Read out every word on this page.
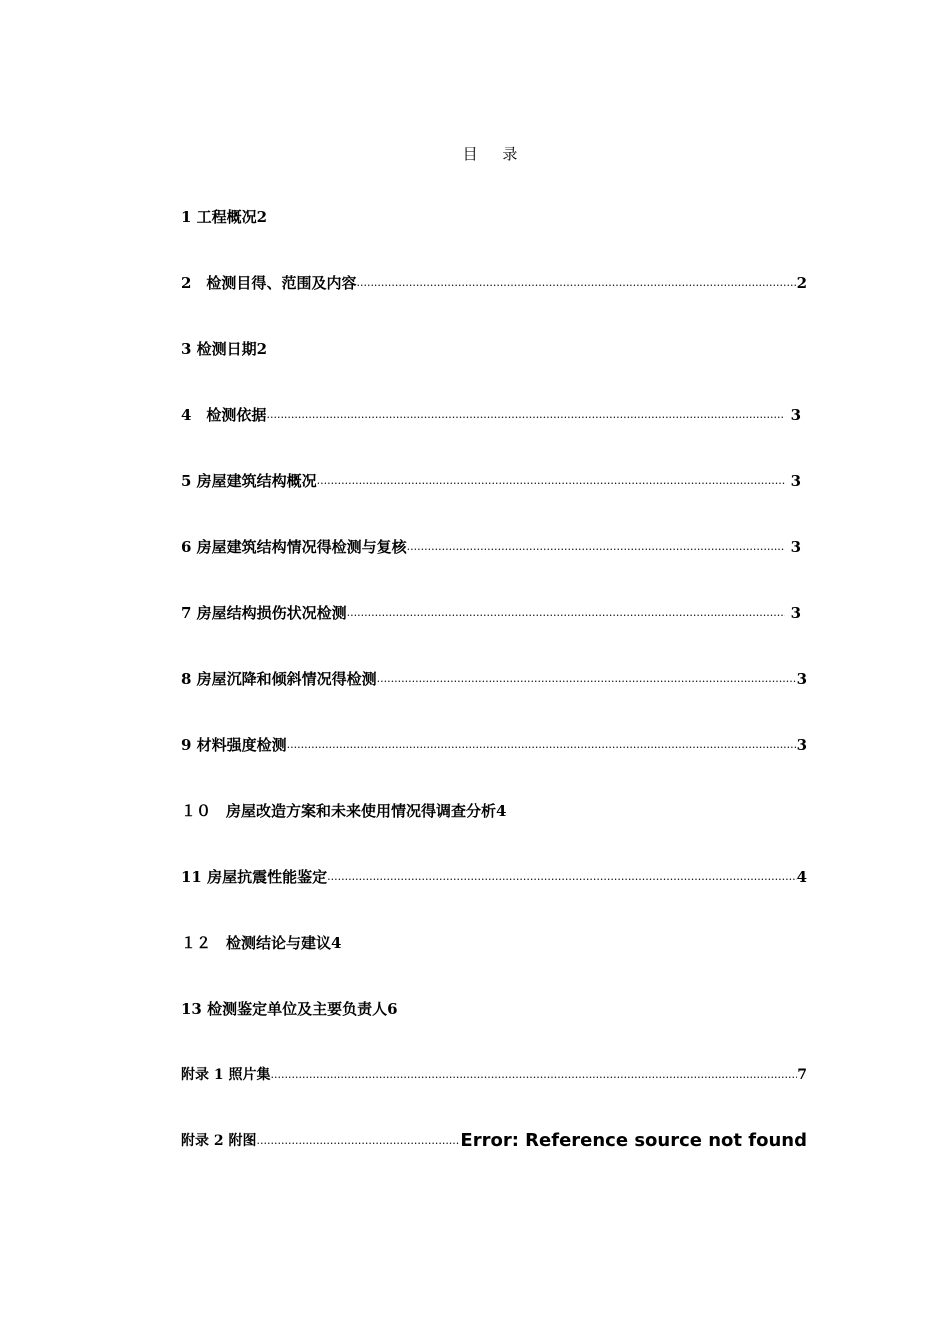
目 录
1 工程概况 2
2　检测目得、范围及内容 .....	2
3 检测日期 2
4　检测依据 .....	3
5 房屋建筑结构概况 .....	3
6 房屋建筑结构情况得检测与复核 .....	3
7 房屋结构损伤状况检测 .....	3
8 房屋沉降和倾斜情况得检测 .....	3
9 材料强度检测 .....	3
１０　房屋改造方案和未来使用情况得调查分析 4
11 房屋抗震性能鉴定 .....	4
１２　检测结论与建议 4
13 检测鉴定单位及主要负责人 6
附录 1 照片集 .....	7
附录 2 附图 .....	Error: Reference source not found
